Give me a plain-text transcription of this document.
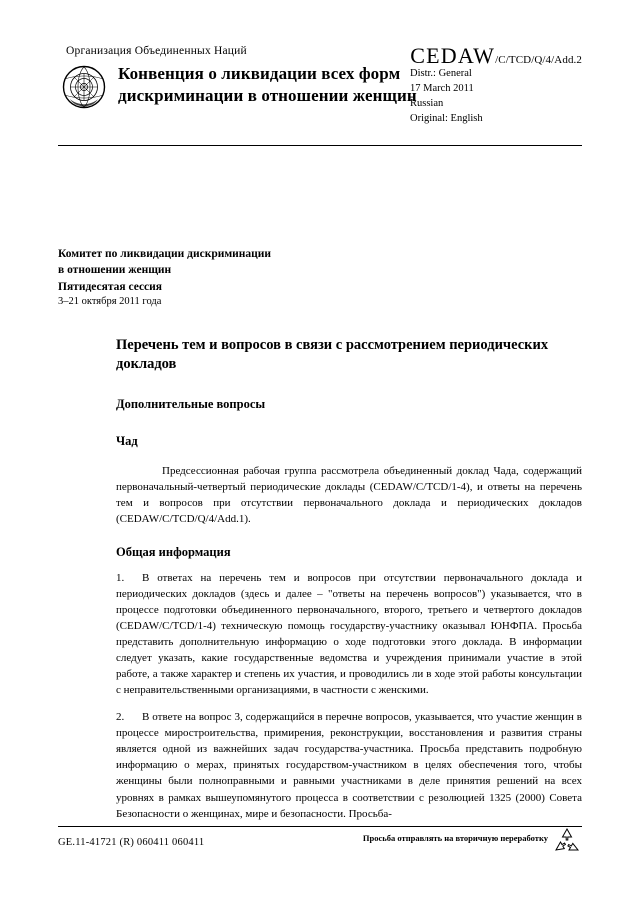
Организация Объединенных Наций	CEDAW/C/TCD/Q/4/Add.2
Конвенция о ликвидации всех форм дискриминации в отношении женщин
Distr.: General
17 March 2011
Russian
Original: English
Комитет по ликвидации дискриминации
в отношении женщин
Пятидесятая сессия
3–21 октября 2011 года
Перечень тем и вопросов в связи с рассмотрением периодических докладов
Дополнительные вопросы
Чад

Предсессионная рабочая группа рассмотрела объединенный доклад Чада, содержащий первоначальный-четвертый периодические доклады (CEDAW/C/TCD/1-4), и ответы на перечень тем и вопросов при отсутствии первоначального доклада и периодических докладов (CEDAW/C/TCD/Q/4/Add.1).

Общая информация

1. В ответах на перечень тем и вопросов при отсутствии первоначального доклада и периодических докладов (здесь и далее – "ответы на перечень вопросов") указывается, что в процессе подготовки объединенного первоначального, второго, третьего и четвертого докладов (CEDAW/C/TCD/1-4) техническую помощь государству-участнику оказывал ЮНФПА. Просьба представить дополнительную информацию о ходе подготовки этого доклада. В информации следует указать, какие государственные ведомства и учреждения принимали участие в этой работе, а также характер и степень их участия, и проводились ли в ходе этой работы консультации с неправительственными организациями, в частности с женскими.

2. В ответе на вопрос 3, содержащийся в перечне вопросов, указывается, что участие женщин в процессе миростроительства, примирения, реконструкции, восстановления и развития страны является одной из важнейших задач государства-участника. Просьба представить подробную информацию о мерах, принятых государством-участником в целях обеспечения того, чтобы женщины были полноправными и равными участниками в деле принятия решений на всех уровнях в рамках вышеупомянутого процесса в соответствии с резолюцией 1325 (2000) Совета Безопасности о женщинах, мире и безопасности. Просьба-

GE.11-41721 (R) 060411 060411	Просьба отправлять на вторичную переработку
